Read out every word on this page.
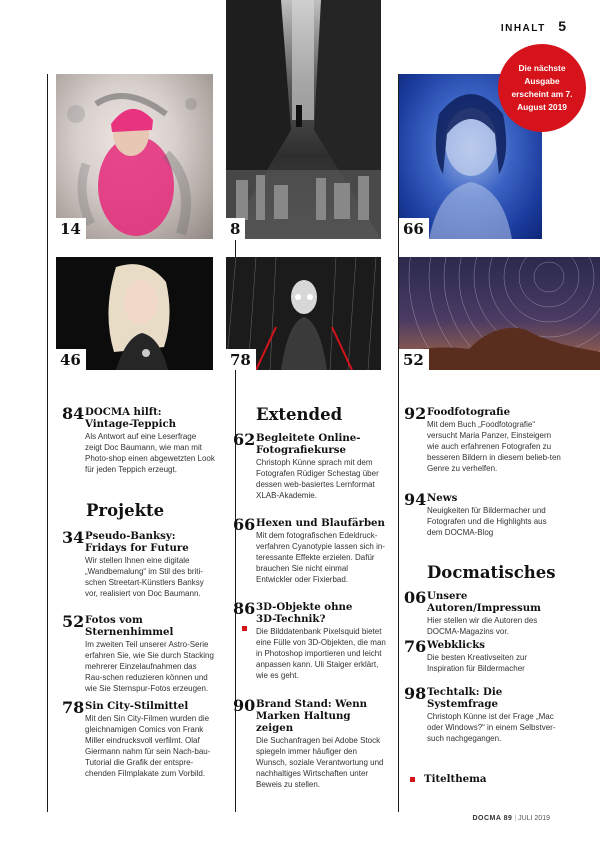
INHALT 5
14	8	66
Die nächste Ausgabe erscheint am 7. August 2019
46	78	52
84 DOCMA hilft: Vintage-Teppich
Als Antwort auf eine Leserfrage zeigt Doc Baumann, wie man mit Photo-shop einen abgewetzten Look für jeden Teppich erzeugt.
Projekte
34 Pseudo-Banksy: Fridays for Future
Wir stellen Ihnen eine digitale „Wandbemalung“ im Stil des briti-schen Streetart-Künstlers Banksy vor, realisiert von Doc Baumann.
52 Fotos vom Sternenhimmel
Im zweiten Teil unserer Astro-Serie erfahren Sie, wie Sie durch Stacking mehrerer Einzelaufnahmen das Rau-schen reduzieren können und wie Sie Sternspur-Fotos erzeugen.
78 Sin City-Stilmittel
Mit den Sin City-Filmen wurden die gleichnamigen Comics von Frank Miller eindrucksvoll verfilmt. Olaf Giermann nahm für sein Nach-bau-Tutorial die Grafik der entspre-chenden Filmplakate zum Vorbild.
Extended
62 Begleitete Online-Fotografiekurse
Christoph Künne sprach mit dem Fotografen Rüdiger Schestag über dessen web-basiertes Lernformat XLAB-Akademie.
66 Hexen und Blaufärben
Mit dem fotografischen Edeldruck-verfahren Cyanotypie lassen sich in-teressante Effekte erzielen. Dafür brauchen Sie nicht einmal Entwickler oder Fixierbad.
86 3D-Objekte ohne 3D-Technik?
Die Bilddatenbank Pixelsquid bietet eine Fülle von 3D-Objekten, die man in Photoshop importieren und leicht anpassen kann. Uli Staiger erklärt, wie es geht.
90 Brand Stand: Wenn Marken Haltung zeigen
Die Suchanfragen bei Adobe Stock spiegeln immer häufiger den Wunsch, soziale Verantwortung und nachhaltiges Wirtschaften unter Beweis zu stellen.
92 Foodfotografie
Mit dem Buch „Foodfotografie“ versucht Maria Panzer, Einsteigern wie auch erfahrenen Fotografen zu besseren Bildern in diesem belieb-ten Genre zu verhelfen.
94 News
Neuigkeiten für Bildermacher und Fotografen und die Highlights aus dem DOCMA-Blog
Docmatisches
06 Unsere Autoren/Impressum
Hier stellen wir die Autoren des DOCMA-Magazins vor.
76 Webklicks
Die besten Kreativseiten zur Inspiration für Bildermacher
98 Techtalk: Die Systemfrage
Christoph Künne ist der Frage „Mac oder Windows?“ in einem Selbstver-such nachgegangen.
Titelthema
DOCMA 89 | JULI 2019
